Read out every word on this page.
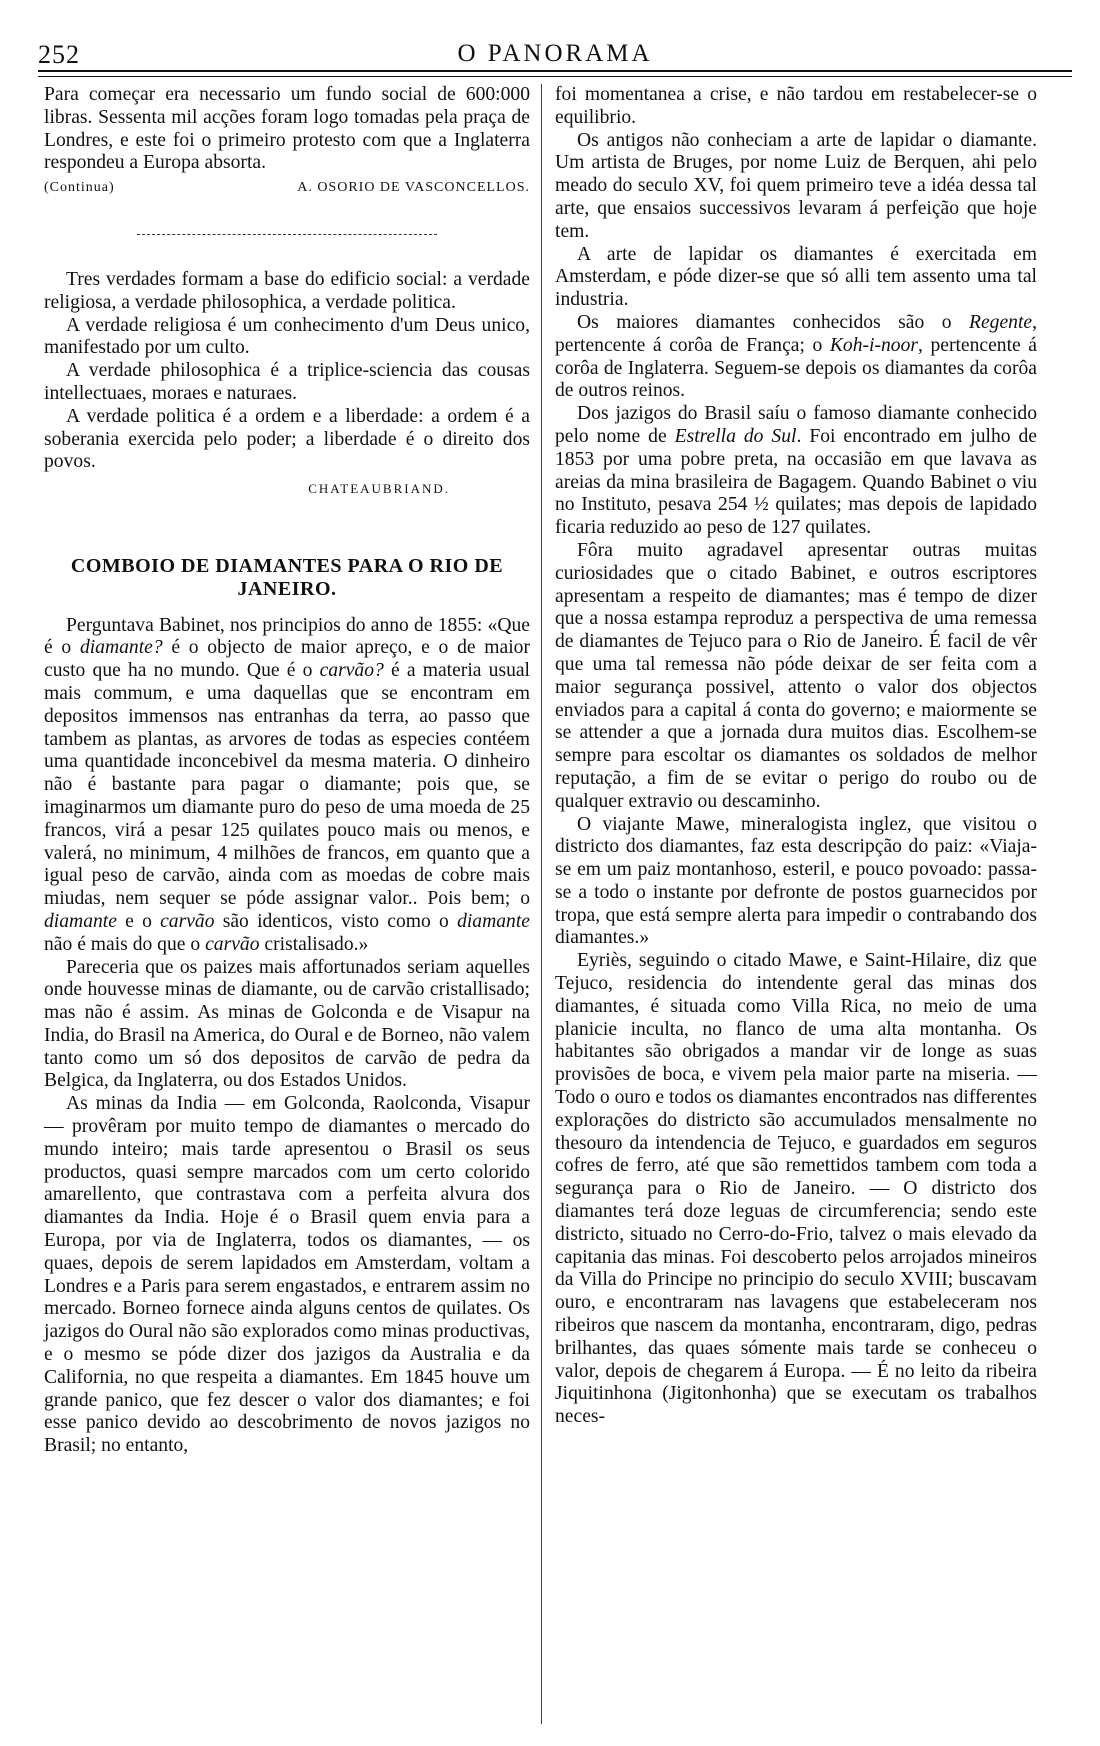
252	O PANORAMA

Para começar era necessario um fundo social de 600:000 libras. Sessenta mil acções foram logo tomadas pela praça de Londres, e este foi o primeiro protesto com que a Inglaterra respondeu a Europa absorta.

(Continua)	A. OSORIO DE VASCONCELLOS.

Tres verdades formam a base do edificio social: a verdade religiosa, a verdade philosophica, a verdade politica.

A verdade religiosa é um conhecimento d'um Deus unico, manifestado por um culto.

A verdade philosophica é a triplice-sciencia das cousas intellectuaes, moraes e naturaes.

A verdade politica é a ordem e a liberdade: a ordem é a soberania exercida pelo poder; a liberdade é o direito dos povos.

CHATEAUBRIAND.
COMBOIO DE DIAMANTES PARA O RIO DE JANEIRO.

Perguntava Babinet, nos principios do anno de 1855: «Que é o diamante? é o objecto de maior apreço, e o de maior custo que ha no mundo. Que é o carvão? é a materia usual mais commum, e uma daquellas que se encontram em depositos immensos nas entranhas da terra, ao passo que tambem as plantas, as arvores de todas as especies contéem uma quantidade inconcebivel da mesma materia. O dinheiro não é bastante para pagar o diamante; pois que, se imaginarmos um diamante puro do peso de uma moeda de 25 francos, virá a pesar 125 quilates pouco mais ou menos, e valerá, no minimum, 4 milhões de francos, em quanto que a igual peso de carvão, ainda com as moedas de cobre mais miudas, nem sequer se póde assignar valor.. Pois bem; o diamante e o carvão são identicos, visto como o diamante não é mais do que o carvão cristalisado.»

Pareceria que os paizes mais affortunados seriam aquelles onde houvesse minas de diamante, ou de carvão cristallisado; mas não é assim. As minas de Golconda e de Visapur na India, do Brasil na America, do Oural e de Borneo, não valem tanto como um só dos depositos de carvão de pedra da Belgica, da Inglaterra, ou dos Estados Unidos.

As minas da India — em Golconda, Raolconda, Visapur — provêram por muito tempo de diamantes o mercado do mundo inteiro; mais tarde apresentou o Brasil os seus productos, quasi sempre marcados com um certo colorido amarellento, que contrastava com a perfeita alvura dos diamantes da India. Hoje é o Brasil quem envia para a Europa, por via de Inglaterra, todos os diamantes, — os quaes, depois de serem lapidados em Amsterdam, voltam a Londres e a Paris para serem engastados, e entrarem assim no mercado. Borneo fornece ainda alguns centos de quilates. Os jazigos do Oural não são explorados como minas productivas, e o mesmo se póde dizer dos jazigos da Australia e da California, no que respeita a diamantes. Em 1845 houve um grande panico, que fez descer o valor dos diamantes; e foi esse panico devido ao descobrimento de novos jazigos no Brasil; no entanto,

foi momentanea a crise, e não tardou em restabelecer-se o equilibrio.

Os antigos não conheciam a arte de lapidar o diamante. Um artista de Bruges, por nome Luiz de Berquen, ahi pelo meado do seculo XV, foi quem primeiro teve a idéa dessa tal arte, que ensaios successivos levaram á perfeição que hoje tem.

A arte de lapidar os diamantes é exercitada em Amsterdam, e póde dizer-se que só alli tem assento uma tal industria.

Os maiores diamantes conhecidos são o Regente, pertencente á corôa de França; o Koh-i-noor, pertencente á corôa de Inglaterra. Seguem-se depois os diamantes da corôa de outros reinos.

Dos jazigos do Brasil saíu o famoso diamante conhecido pelo nome de Estrella do Sul. Foi encontrado em julho de 1853 por uma pobre preta, na occasião em que lavava as areias da mina brasileira de Bagagem. Quando Babinet o viu no Instituto, pesava 254 ½ quilates; mas depois de lapidado ficaria reduzido ao peso de 127 quilates.

Fôra muito agradavel apresentar outras muitas curiosidades que o citado Babinet, e outros escriptores apresentam a respeito de diamantes; mas é tempo de dizer que a nossa estampa reproduz a perspectiva de uma remessa de diamantes de Tejuco para o Rio de Janeiro. É facil de vêr que uma tal remessa não póde deixar de ser feita com a maior segurança possivel, attento o valor dos objectos enviados para a capital á conta do governo; e maiormente se se attender a que a jornada dura muitos dias. Escolhem-se sempre para escoltar os diamantes os soldados de melhor reputação, a fim de se evitar o perigo do roubo ou de qualquer extravio ou descaminho.

O viajante Mawe, mineralogista inglez, que visitou o districto dos diamantes, faz esta descripção do paiz: «Viaja-se em um paiz montanhoso, esteril, e pouco povoado: passa-se a todo o instante por defronte de postos guarnecidos por tropa, que está sempre alerta para impedir o contrabando dos diamantes.»

Eyriès, seguindo o citado Mawe, e Saint-Hilaire, diz que Tejuco, residencia do intendente geral das minas dos diamantes, é situada como Villa Rica, no meio de uma planicie inculta, no flanco de uma alta montanha. Os habitantes são obrigados a mandar vir de longe as suas provisões de boca, e vivem pela maior parte na miseria. — Todo o ouro e todos os diamantes encontrados nas differentes explorações do districto são accumulados mensalmente no thesouro da intendencia de Tejuco, e guardados em seguros cofres de ferro, até que são remettidos tambem com toda a segurança para o Rio de Janeiro. — O districto dos diamantes terá doze leguas de circumferencia; sendo este districto, situado no Cerro-do-Frio, talvez o mais elevado da capitania das minas. Foi descoberto pelos arrojados mineiros da Villa do Principe no principio do seculo XVIII; buscavam ouro, e encontraram nas lavagens que estabeleceram nos ribeiros que nascem da montanha, encontraram, digo, pedras brilhantes, das quaes sómente mais tarde se conheceu o valor, depois de chegarem á Europa. — É no leito da ribeira Jiquitinhona (Jigitonhonha) que se executam os trabalhos neces-
